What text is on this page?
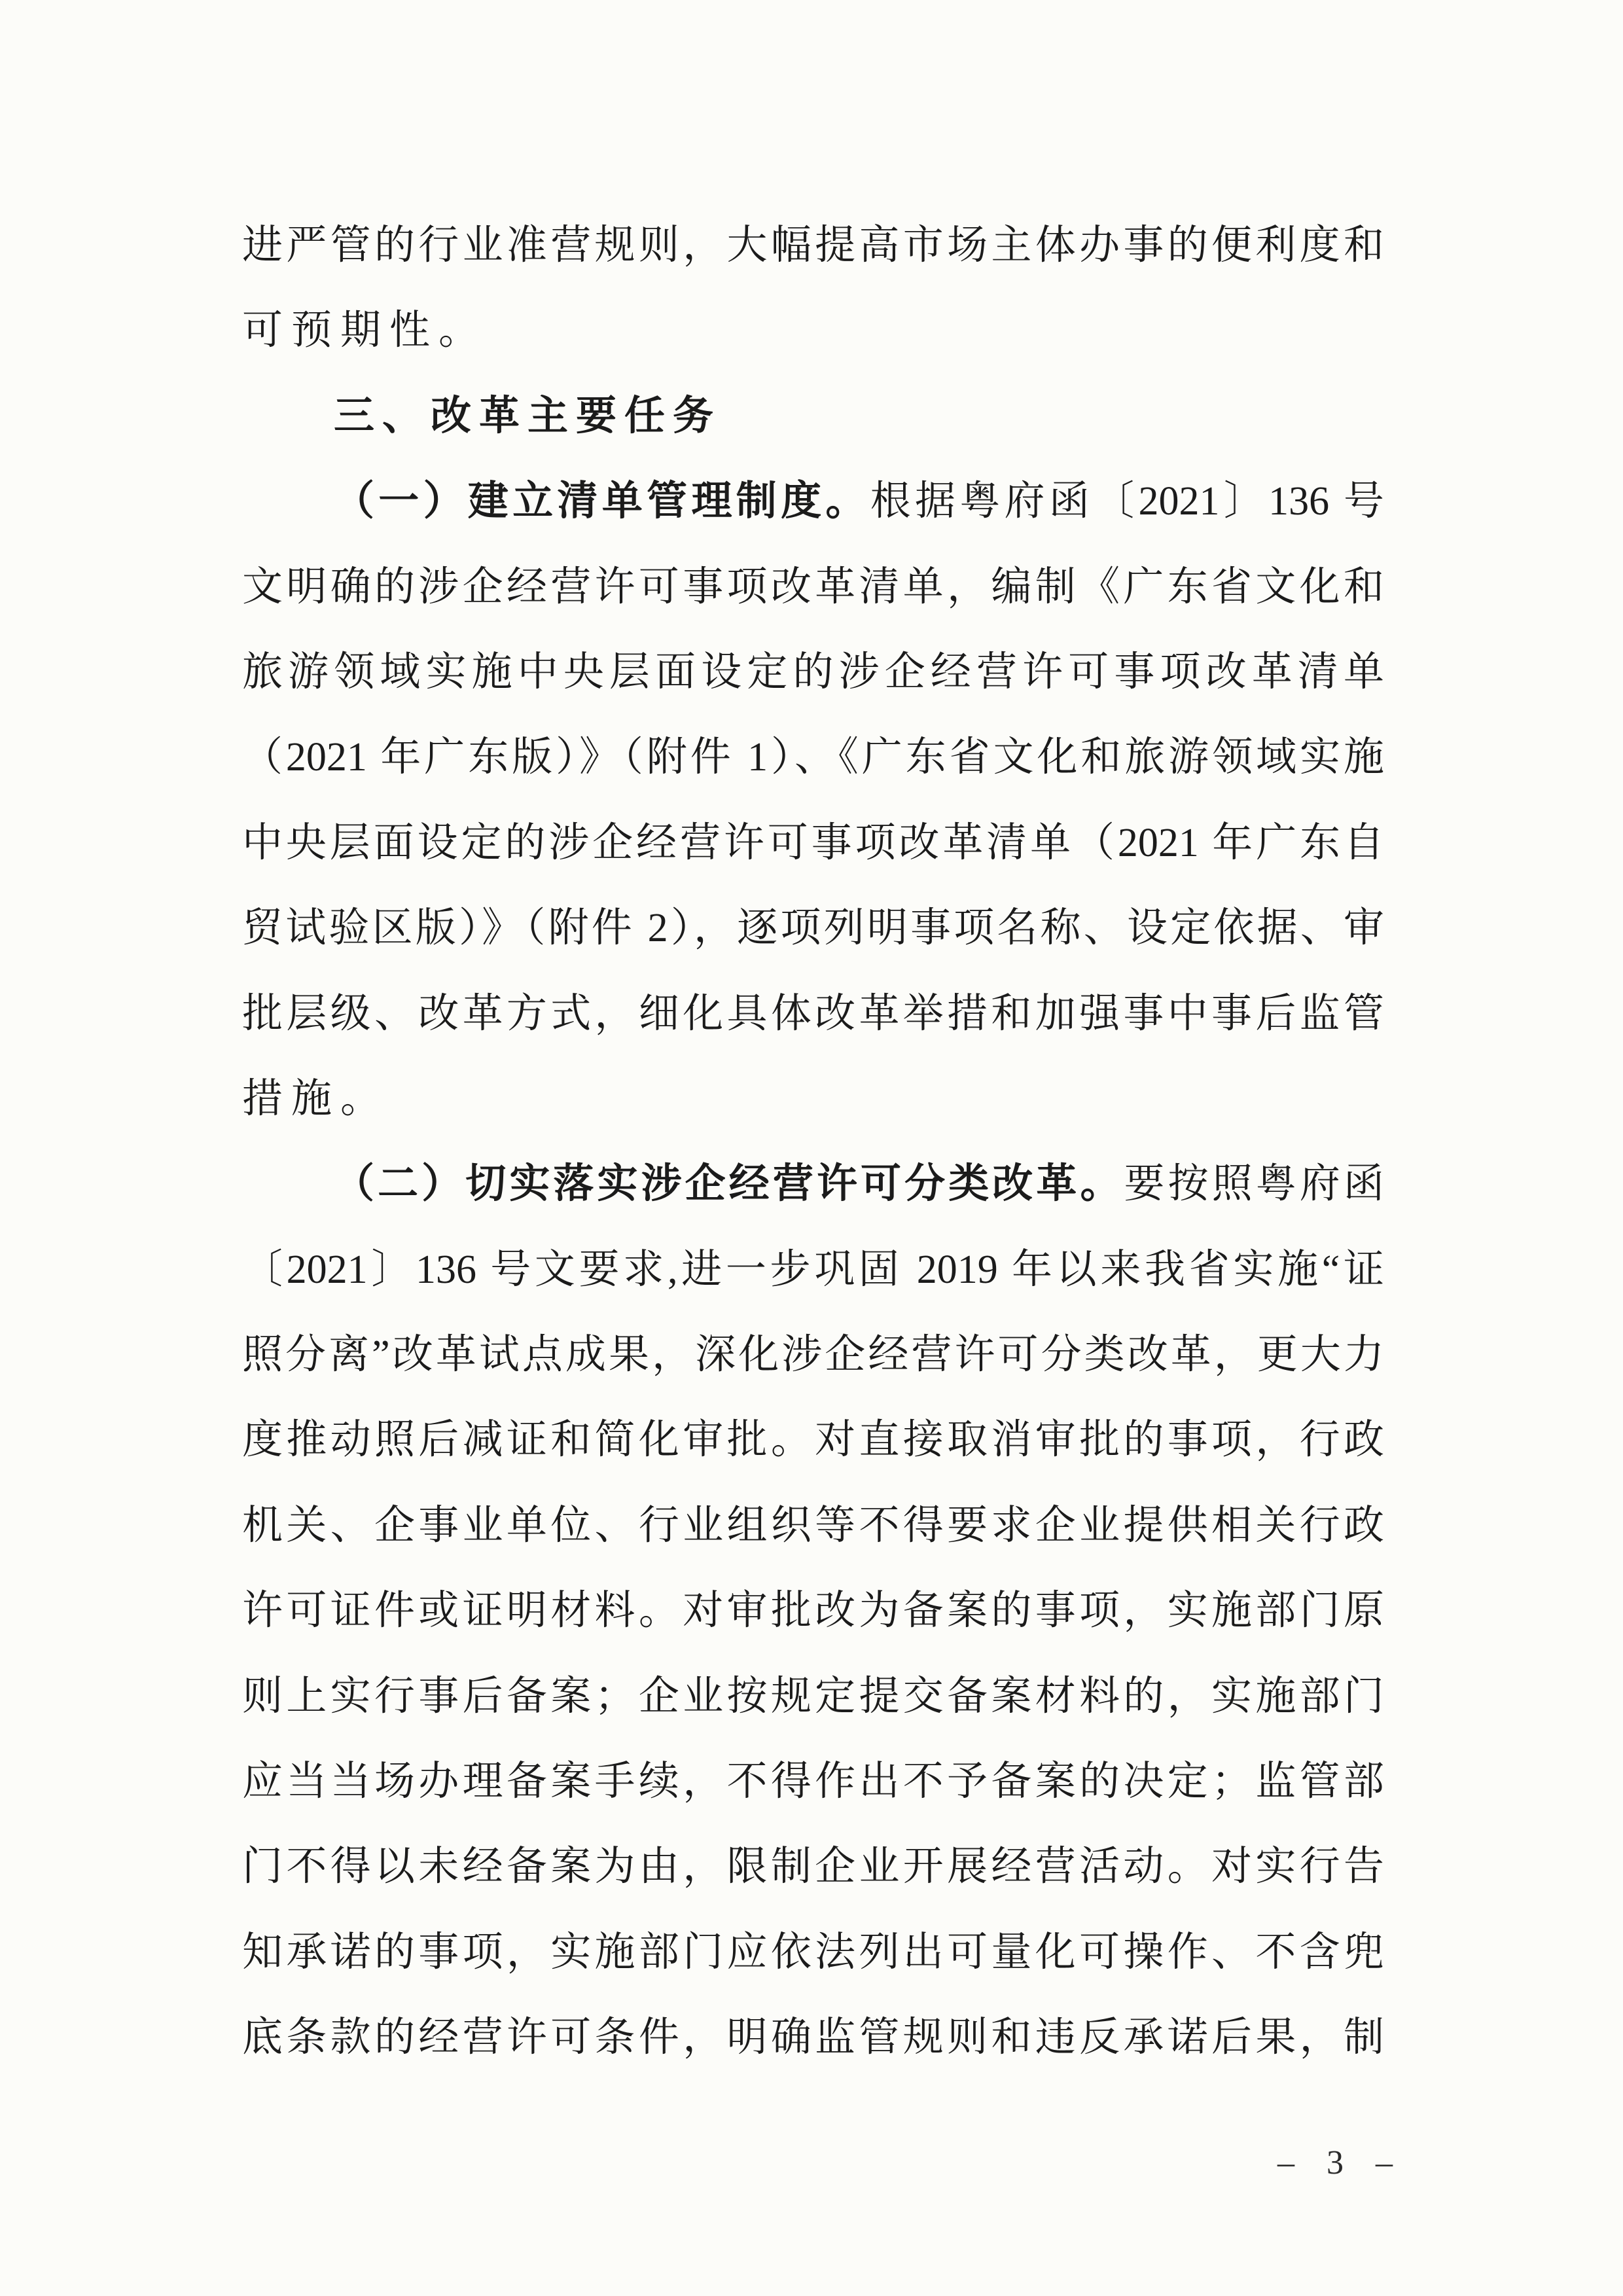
进严管的行业准营规则，大幅提高市场主体办事的便利度和
可预期性。
三、改革主要任务
（一）建立清单管理制度。根据粤府函〔2021〕136 号
文明确的涉企经营许可事项改革清单，编制《广东省文化和
旅游领域实施中央层面设定的涉企经营许可事项改革清单
（2021 年广东版）》（附件 1）、《广东省文化和旅游领域实施
中央层面设定的涉企经营许可事项改革清单（2021 年广东自
贸试验区版）》（附件 2），逐项列明事项名称、设定依据、审
批层级、改革方式，细化具体改革举措和加强事中事后监管
措施。
（二）切实落实涉企经营许可分类改革。要按照粤府函
〔2021〕136 号文要求,进一步巩固 2019 年以来我省实施“证
照分离”改革试点成果，深化涉企经营许可分类改革，更大力
度推动照后减证和简化审批。对直接取消审批的事项，行政
机关、企事业单位、行业组织等不得要求企业提供相关行政
许可证件或证明材料。对审批改为备案的事项，实施部门原
则上实行事后备案；企业按规定提交备案材料的，实施部门
应当当场办理备案手续，不得作出不予备案的决定；监管部
门不得以未经备案为由，限制企业开展经营活动。对实行告
知承诺的事项，实施部门应依法列出可量化可操作、不含兜
底条款的经营许可条件，明确监管规则和违反承诺后果，制
– 3 –
